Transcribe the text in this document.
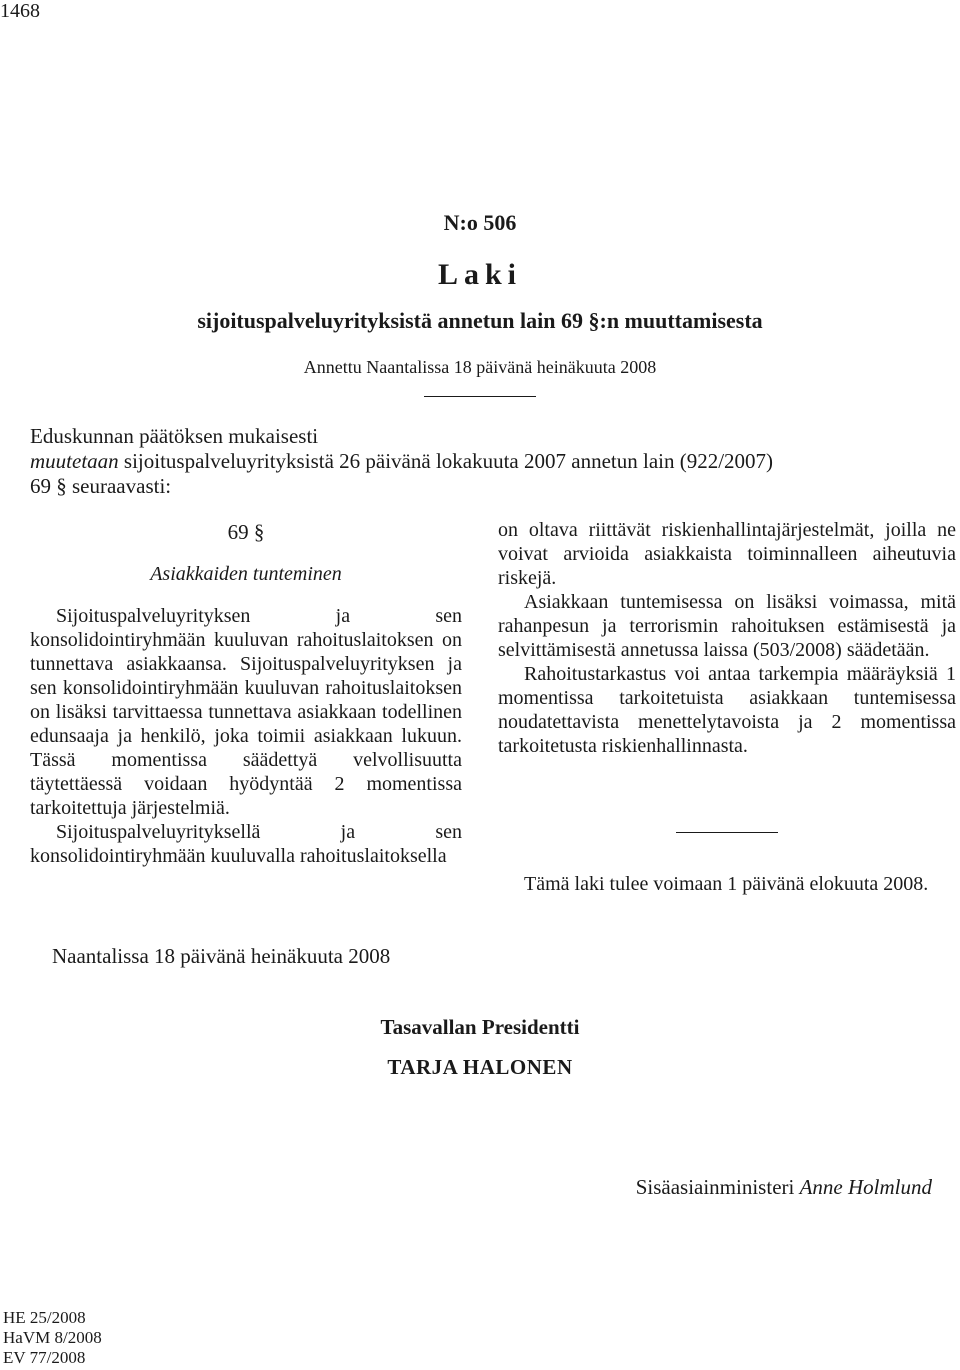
1468
N:o 506
Laki
sijoituspalveluyrityksistä annetun lain 69 §:n muuttamisesta
Annettu Naantalissa 18 päivänä heinäkuuta 2008
Eduskunnan päätöksen mukaisesti
muutetaan sijoituspalveluyrityksistä 26 päivänä lokakuuta 2007 annetun lain (922/2007)
69 § seuraavasti:
69 §
Asiakkaiden tunteminen
Sijoituspalveluyrityksen ja sen konsolidointiryhmään kuuluvan rahoituslaitoksen on tunnettava asiakkaansa. Sijoituspalveluyrityksen ja sen konsolidointiryhmään kuuluvan rahoituslaitoksen on lisäksi tarvittaessa tunnettava asiakkaan todellinen edunsaaja ja henkilö, joka toimii asiakkaan lukuun. Tässä momentissa säädettyä velvollisuutta täytettäessä voidaan hyödyntää 2 momentissa tarkoitettuja järjestelmiä.
Sijoituspalveluyrityksellä ja sen konsolidointiryhmään kuuluvalla rahoituslaitoksella
on oltava riittävät riskienhallintajärjestelmät, joilla ne voivat arvioida asiakkaista toiminnalleen aiheutuvia riskejä.
Asiakkaan tuntemisessa on lisäksi voimassa, mitä rahanpesun ja terrorismin rahoituksen estämisestä ja selvittämisestä annetussa laissa (503/2008) säädetään.
Rahoitustarkastus voi antaa tarkempia määräyksiä 1 momentissa tarkoitetuista asiakkaan tuntemisessa noudatettavista menettelytavoista ja 2 momentissa tarkoitetusta riskienhallinnasta.
Tämä laki tulee voimaan 1 päivänä elokuuta 2008.
Naantalissa 18 päivänä heinäkuuta 2008
Tasavallan Presidentti
TARJA HALONEN
Sisäasiainministeri Anne Holmlund
HE 25/2008
HaVM 8/2008
EV 77/2008
